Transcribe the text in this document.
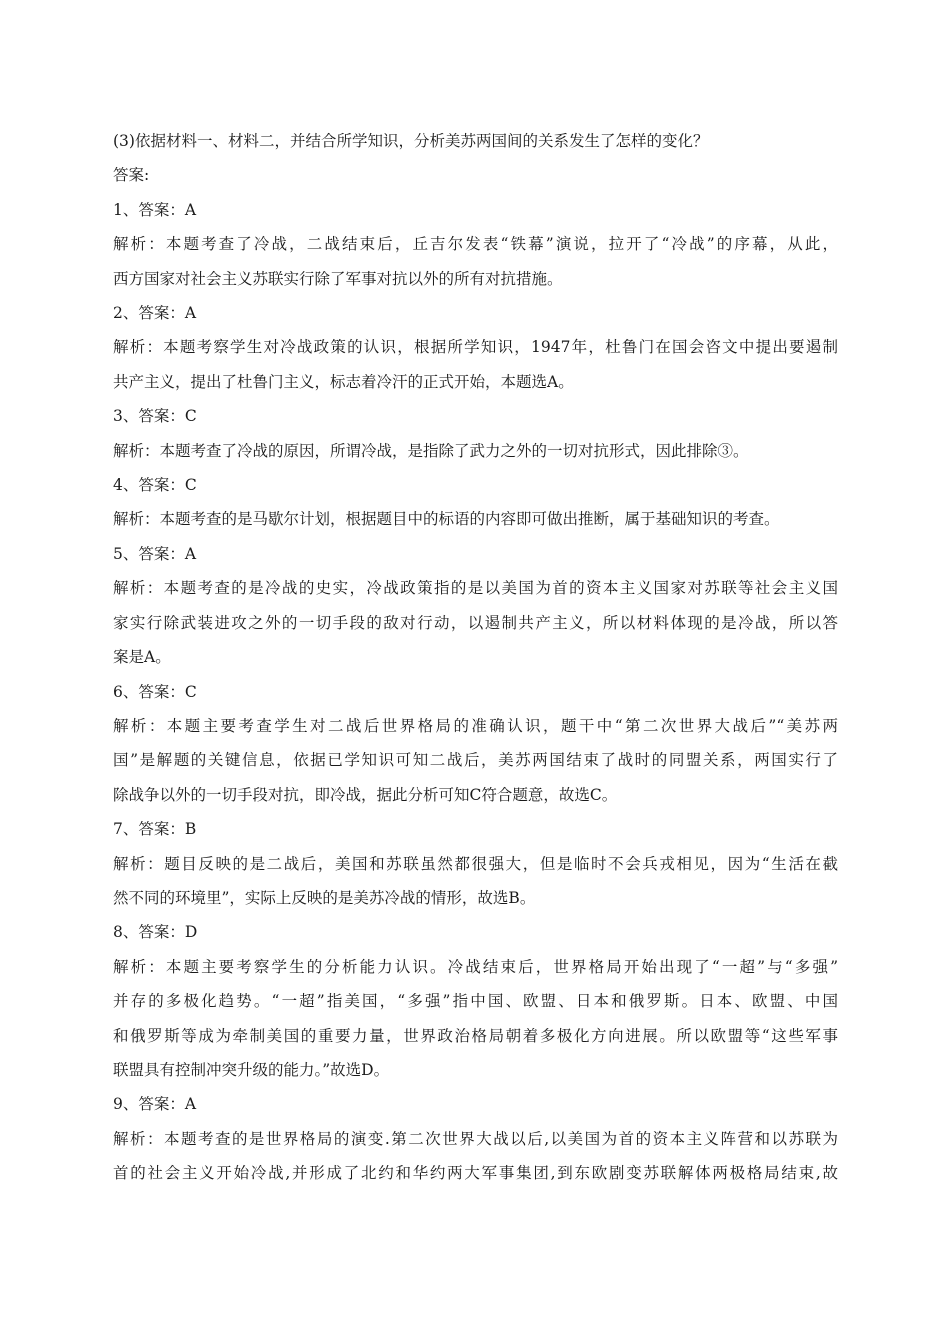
(3)依据材料一、材料二，并结合所学知识，分析美苏两国间的关系发生了怎样的变化？
答案:
1、答案：A
解析：本题考查了冷战，二战结束后，丘吉尔发表“铁幕”演说，拉开了“冷战”的序幕，从此，
西方国家对社会主义苏联实行除了军事对抗以外的所有对抗措施。
2、答案：A
解析：本题考察学生对冷战政策的认识，根据所学知识，1947年，杜鲁门在国会咨文中提出要遏制
共产主义，提出了杜鲁门主义，标志着冷汗的正式开始，本题选A。
3、答案：C
解析：本题考查了冷战的原因，所谓冷战，是指除了武力之外的一切对抗形式，因此排除③。
4、答案：C
解析：本题考查的是马歇尔计划，根据题目中的标语的内容即可做出推断，属于基础知识的考查。
5、答案：A
解析：本题考查的是冷战的史实，冷战政策指的是以美国为首的资本主义国家对苏联等社会主义国
家实行除武装进攻之外的一切手段的敌对行动，以遏制共产主义，所以材料体现的是冷战，所以答
案是A。
6、答案：C
解析：本题主要考查学生对二战后世界格局的准确认识，题干中“第二次世界大战后”“美苏两
国”是解题的关键信息，依据已学知识可知二战后，美苏两国结束了战时的同盟关系，两国实行了
除战争以外的一切手段对抗，即冷战，据此分析可知C符合题意，故选C。
7、答案：B
解析：题目反映的是二战后，美国和苏联虽然都很强大，但是临时不会兵戎相见，因为“生活在截
然不同的环境里”，实际上反映的是美苏冷战的情形，故选B。
8、答案：D
解析：本题主要考察学生的分析能力认识。冷战结束后，世界格局开始出现了“一超”与“多强”
并存的多极化趋势。“一超”指美国，“多强”指中国、欧盟、日本和俄罗斯。日本、欧盟、中国
和俄罗斯等成为牵制美国的重要力量，世界政治格局朝着多极化方向进展。所以欧盟等“这些军事
联盟具有控制冲突升级的能力。”故选D。
9、答案：A
解析：本题考查的是世界格局的演变.第二次世界大战以后,以美国为首的资本主义阵营和以苏联为
首的社会主义开始冷战,并形成了北约和华约两大军事集团,到东欧剧变苏联解体两极格局结束,故
